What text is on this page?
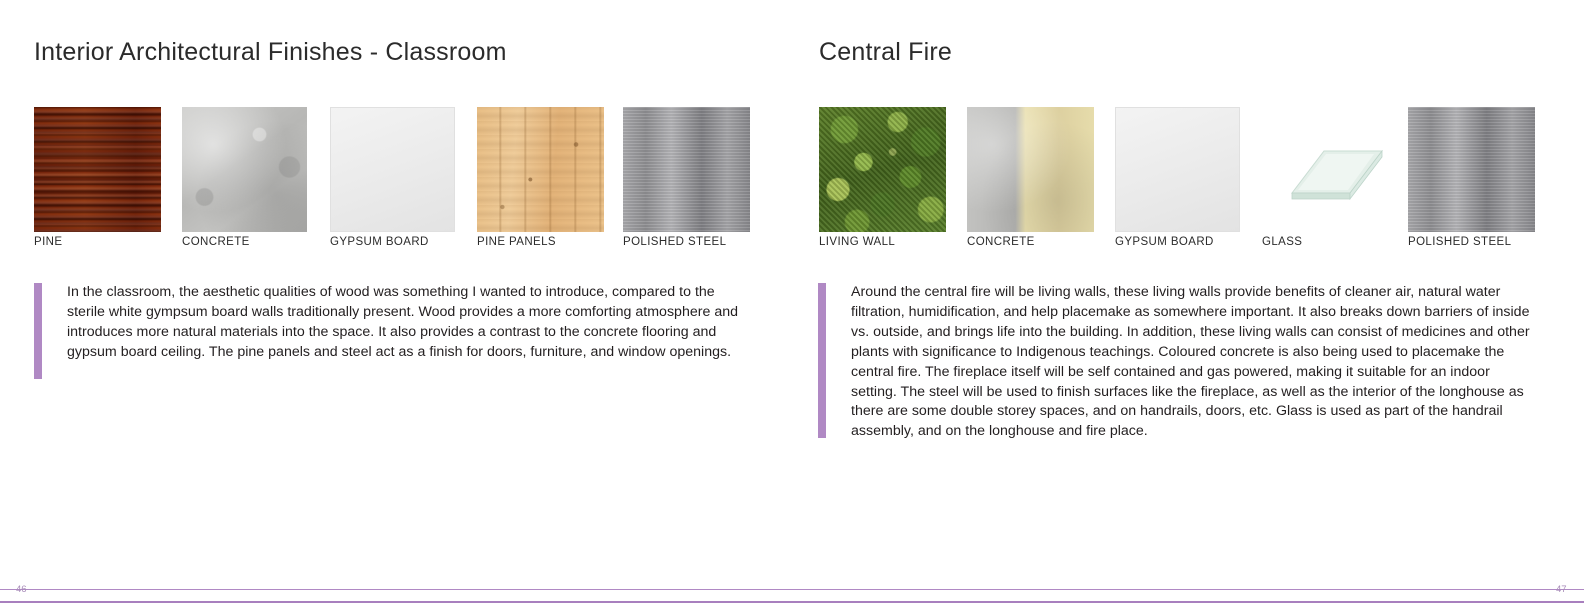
Interior Architectural Finishes - Classroom
PINE	CONCRETE	GYPSUM BOARD	PINE PANELS	POLISHED STEEL
In the classroom, the aesthetic qualities of wood was something I wanted to introduce, compared to the sterile white gympsum board walls traditionally present. Wood provides a more comforting atmosphere and introduces more natural materials into the space. It also provides a contrast to the concrete flooring and gypsum board ceiling. The pine panels and steel act as a finish for doors, furniture, and window openings.
Central Fire
LIVING WALL	CONCRETE	GYPSUM BOARD	GLASS	POLISHED STEEL
Around the central fire will be living walls, these living walls provide benefits of cleaner air, natural water filtration, humidification, and help placemake as somewhere important. It also breaks down barriers of inside vs. outside, and brings life into the building. In addition, these living walls can consist of medicines and other plants with significance to Indigenous teachings. Coloured concrete is also being used to placemake the central fire. The fireplace itself will be self contained and gas powered, making it suitable for an indoor setting. The steel will be used to finish surfaces like the fireplace, as well as the interior of the longhouse as there are some double storey spaces, and on handrails, doors, etc. Glass is used as part of the handrail assembly, and on the longhouse and fire place.
46	47
